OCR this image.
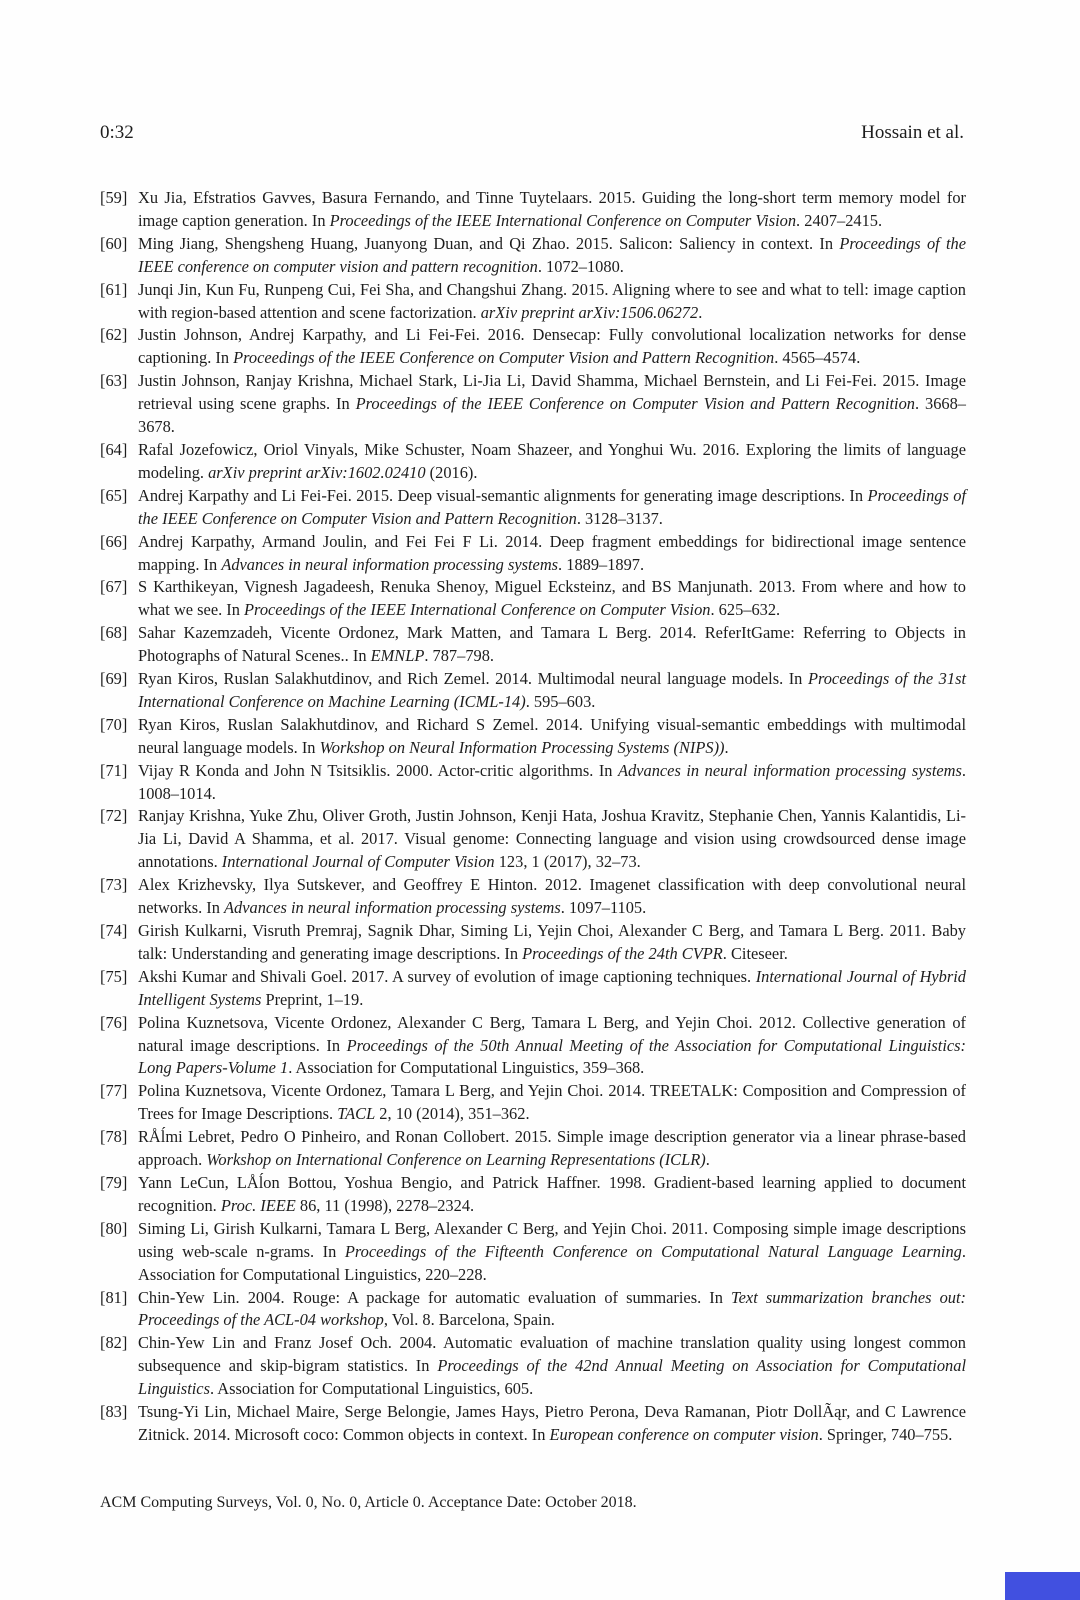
0:32	Hossain et al.
[59] Xu Jia, Efstratios Gavves, Basura Fernando, and Tinne Tuytelaars. 2015. Guiding the long-short term memory model for image caption generation. In Proceedings of the IEEE International Conference on Computer Vision. 2407–2415.
[60] Ming Jiang, Shengsheng Huang, Juanyong Duan, and Qi Zhao. 2015. Salicon: Saliency in context. In Proceedings of the IEEE conference on computer vision and pattern recognition. 1072–1080.
[61] Junqi Jin, Kun Fu, Runpeng Cui, Fei Sha, and Changshui Zhang. 2015. Aligning where to see and what to tell: image caption with region-based attention and scene factorization. arXiv preprint arXiv:1506.06272.
[62] Justin Johnson, Andrej Karpathy, and Li Fei-Fei. 2016. Densecap: Fully convolutional localization networks for dense captioning. In Proceedings of the IEEE Conference on Computer Vision and Pattern Recognition. 4565–4574.
[63] Justin Johnson, Ranjay Krishna, Michael Stark, Li-Jia Li, David Shamma, Michael Bernstein, and Li Fei-Fei. 2015. Image retrieval using scene graphs. In Proceedings of the IEEE Conference on Computer Vision and Pattern Recognition. 3668–3678.
[64] Rafal Jozefowicz, Oriol Vinyals, Mike Schuster, Noam Shazeer, and Yonghui Wu. 2016. Exploring the limits of language modeling. arXiv preprint arXiv:1602.02410 (2016).
[65] Andrej Karpathy and Li Fei-Fei. 2015. Deep visual-semantic alignments for generating image descriptions. In Proceedings of the IEEE Conference on Computer Vision and Pattern Recognition. 3128–3137.
[66] Andrej Karpathy, Armand Joulin, and Fei Fei F Li. 2014. Deep fragment embeddings for bidirectional image sentence mapping. In Advances in neural information processing systems. 1889–1897.
[67] S Karthikeyan, Vignesh Jagadeesh, Renuka Shenoy, Miguel Ecksteinz, and BS Manjunath. 2013. From where and how to what we see. In Proceedings of the IEEE International Conference on Computer Vision. 625–632.
[68] Sahar Kazemzadeh, Vicente Ordonez, Mark Matten, and Tamara L Berg. 2014. ReferItGame: Referring to Objects in Photographs of Natural Scenes.. In EMNLP. 787–798.
[69] Ryan Kiros, Ruslan Salakhutdinov, and Rich Zemel. 2014. Multimodal neural language models. In Proceedings of the 31st International Conference on Machine Learning (ICML-14). 595–603.
[70] Ryan Kiros, Ruslan Salakhutdinov, and Richard S Zemel. 2014. Unifying visual-semantic embeddings with multimodal neural language models. In Workshop on Neural Information Processing Systems (NIPS)).
[71] Vijay R Konda and John N Tsitsiklis. 2000. Actor-critic algorithms. In Advances in neural information processing systems. 1008–1014.
[72] Ranjay Krishna, Yuke Zhu, Oliver Groth, Justin Johnson, Kenji Hata, Joshua Kravitz, Stephanie Chen, Yannis Kalantidis, Li-Jia Li, David A Shamma, et al. 2017. Visual genome: Connecting language and vision using crowdsourced dense image annotations. International Journal of Computer Vision 123, 1 (2017), 32–73.
[73] Alex Krizhevsky, Ilya Sutskever, and Geoffrey E Hinton. 2012. Imagenet classification with deep convolutional neural networks. In Advances in neural information processing systems. 1097–1105.
[74] Girish Kulkarni, Visruth Premraj, Sagnik Dhar, Siming Li, Yejin Choi, Alexander C Berg, and Tamara L Berg. 2011. Baby talk: Understanding and generating image descriptions. In Proceedings of the 24th CVPR. Citeseer.
[75] Akshi Kumar and Shivali Goel. 2017. A survey of evolution of image captioning techniques. International Journal of Hybrid Intelligent Systems Preprint, 1–19.
[76] Polina Kuznetsova, Vicente Ordonez, Alexander C Berg, Tamara L Berg, and Yejin Choi. 2012. Collective generation of natural image descriptions. In Proceedings of the 50th Annual Meeting of the Association for Computational Linguistics: Long Papers-Volume 1. Association for Computational Linguistics, 359–368.
[77] Polina Kuznetsova, Vicente Ordonez, Tamara L Berg, and Yejin Choi. 2014. TREETALK: Composition and Compression of Trees for Image Descriptions. TACL 2, 10 (2014), 351–362.
[78] RÅĺmi Lebret, Pedro O Pinheiro, and Ronan Collobert. 2015. Simple image description generator via a linear phrase-based approach. Workshop on International Conference on Learning Representations (ICLR).
[79] Yann LeCun, LÅĺon Bottou, Yoshua Bengio, and Patrick Haffner. 1998. Gradient-based learning applied to document recognition. Proc. IEEE 86, 11 (1998), 2278–2324.
[80] Siming Li, Girish Kulkarni, Tamara L Berg, Alexander C Berg, and Yejin Choi. 2011. Composing simple image descriptions using web-scale n-grams. In Proceedings of the Fifteenth Conference on Computational Natural Language Learning. Association for Computational Linguistics, 220–228.
[81] Chin-Yew Lin. 2004. Rouge: A package for automatic evaluation of summaries. In Text summarization branches out: Proceedings of the ACL-04 workshop, Vol. 8. Barcelona, Spain.
[82] Chin-Yew Lin and Franz Josef Och. 2004. Automatic evaluation of machine translation quality using longest common subsequence and skip-bigram statistics. In Proceedings of the 42nd Annual Meeting on Association for Computational Linguistics. Association for Computational Linguistics, 605.
[83] Tsung-Yi Lin, Michael Maire, Serge Belongie, James Hays, Pietro Perona, Deva Ramanan, Piotr DollÃąr, and C Lawrence Zitnick. 2014. Microsoft coco: Common objects in context. In European conference on computer vision. Springer, 740–755.
ACM Computing Surveys, Vol. 0, No. 0, Article 0. Acceptance Date: October 2018.
